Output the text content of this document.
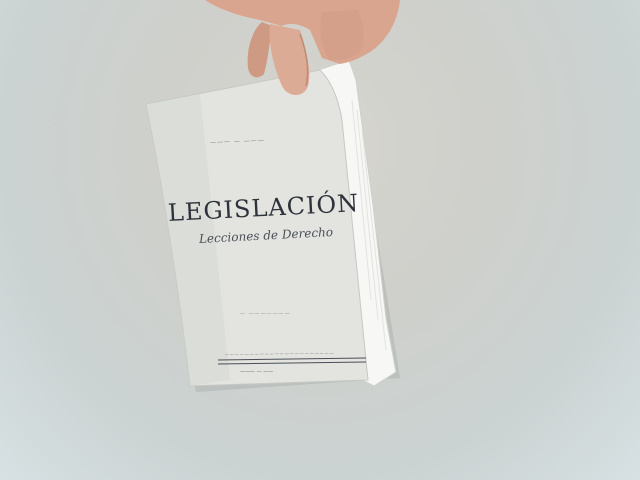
——— — ———
LEGISLACIÓN
Lecciones de Derecho
— ———————
——————————————————————
——— — ——
